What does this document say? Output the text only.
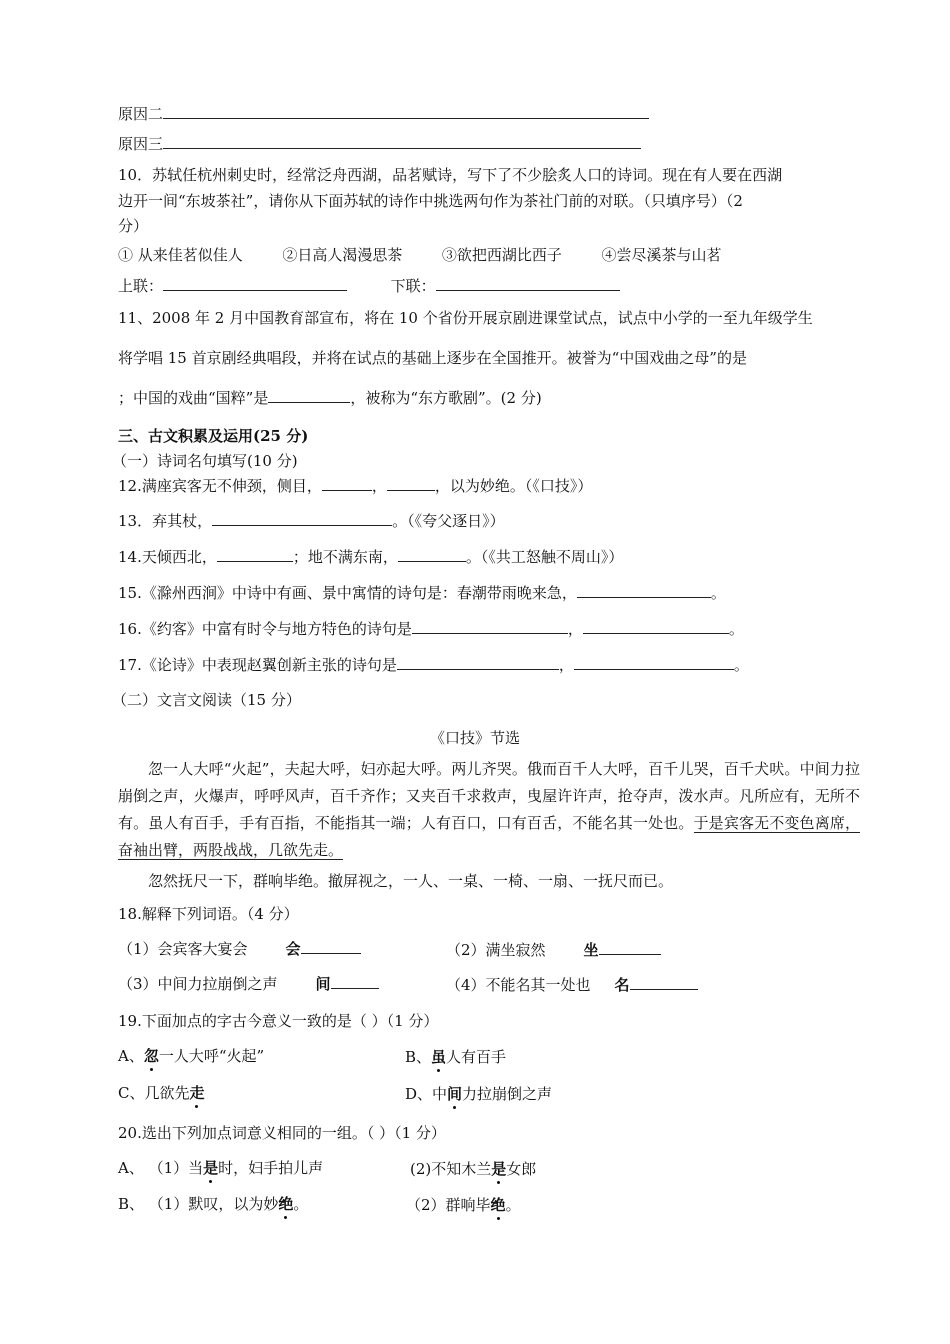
原因二
原因三
10．苏轼任杭州刺史时，经常泛舟西湖，品茗赋诗，写下了不少脍炙人口的诗词。现在有人要在西湖
边开一间“东坡茶社”，请你从下面苏轼的诗作中挑选两句作为茶社门前的对联。（只填序号）（2
分）
① 从来佳茗似佳人	②日高人渴漫思茶	③欲把西湖比西子	④尝尽溪茶与山茗
上联：	下联：
11、2008 年 2 月中国教育部宣布，将在 10 个省份开展京剧进课堂试点，试点中小学的一至九年级学生
将学唱 15 首京剧经典唱段，并将在试点的基础上逐步在全国推开。被誉为“中国戏曲之母”的是
；中国的戏曲“国粹”是	，被称为“东方歌剧”。(2 分)
三、古文积累及运用(25 分)
（一）诗词名句填写(10 分)
12.满座宾客无不伸颈，侧目，	，	，以为妙绝。（《口技》）
13．弃其杖，	。（《夸父逐日》）
14.天倾西北，	；地不满东南，	。（《共工怒触不周山》）
15.《滁州西涧》中诗中有画、景中寓情的诗句是：春潮带雨晚来急，	。
16.《约客》中富有时令与地方特色的诗句是	，	。
17.《论诗》中表现赵翼创新主张的诗句是	，	。
（二）文言文阅读（15 分）
《口技》节选
忽一人大呼“火起”，夫起大呼，妇亦起大呼。两儿齐哭。俄而百千人大呼，百千儿哭，百千犬吠。中间力拉崩倒之声，火爆声，呼呼风声，百千齐作；又夹百千求救声，曳屋许许声，抢夺声，泼水声。凡所应有，无所不有。虽人有百手，手有百指，不能指其一端；人有百口，口有百舌，不能名其一处也。于是宾客无不变色离席，奋袖出臂，两股战战，几欲先走。
忽然抚尺一下，群响毕绝。撤屏视之，一人、一桌、一椅、一扇、一抚尺而已。
18.解释下列词语。（4 分）
（1）会宾客大宴会	会	（2）满坐寂然	坐
（3）中间力拉崩倒之声	间	（4）不能名其一处也 名
19.下面加点的字古今意义一致的是（ ）（1 分）
A、忽一人大呼“火起”	B、虽人有百手
C、几欲先走	D、中间力拉崩倒之声
20.选出下列加点词意义相同的一组。（ ）（1 分）
A、 （1）当是时，妇手拍儿声	(2)不知木兰是女郎
B、 （1）默叹，以为妙绝。	（2）群响毕绝。
